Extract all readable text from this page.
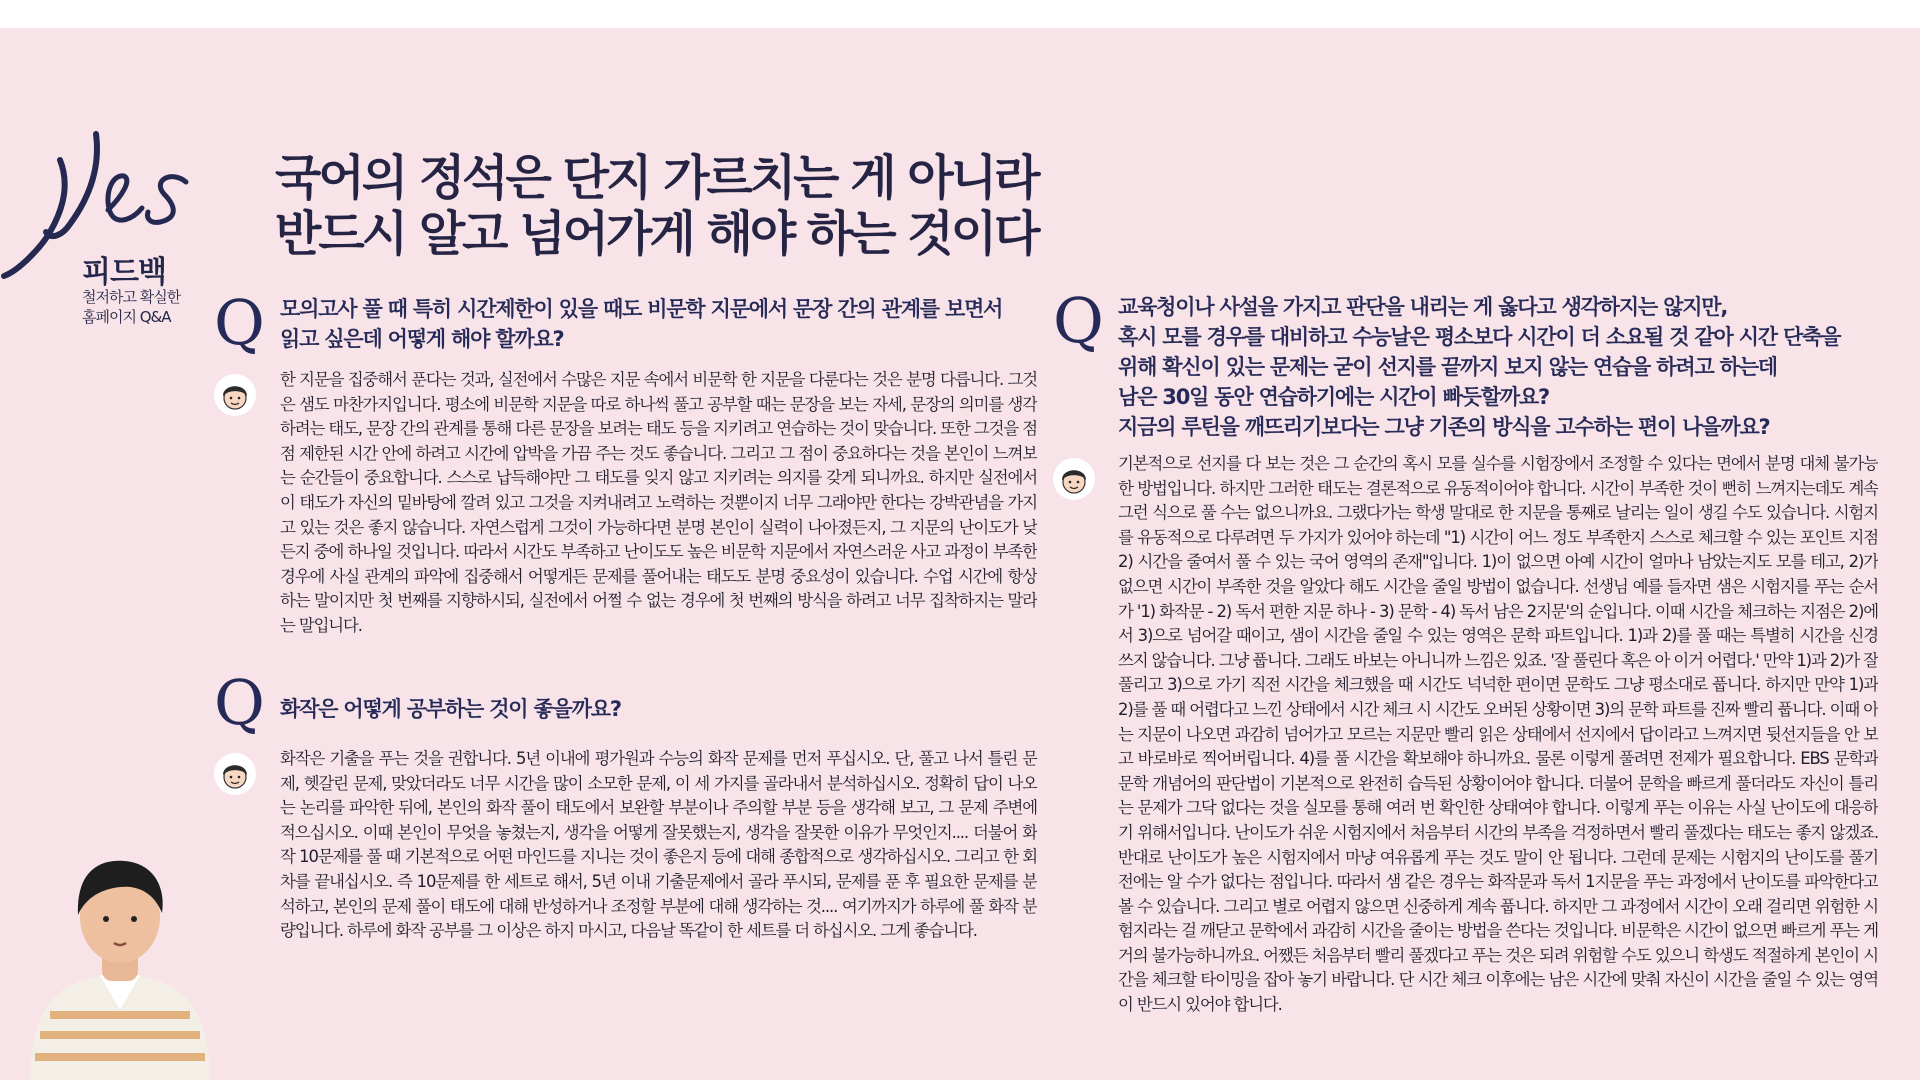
Yes
피드백
철저하고 확실한
홈페이지 Q&A
국어의 정석은 단지 가르치는 게 아니라
반드시 알고 넘어가게 해야 하는 것이다
Q 모의고사 풀 때 특히 시간제한이 있을 때도 비문학 지문에서 문장 간의 관계를 보면서
읽고 싶은데 어떻게 해야 할까요?

한 지문을 집중해서 푼다는 것과, 실전에서 수많은 지문 속에서 비문학 한 지문을 다룬다는 것은 분명 다릅니다. 그것은 샘도 마찬가지입니다. 평소에 비문학 지문을 따로 하나씩 풀고 공부할 때는 문장을 보는 자세, 문장의 의미를 생각하려는 태도, 문장 간의 관계를 통해 다른 문장을 보려는 태도 등을 지키려고 연습하는 것이 맞습니다. 또한 그것을 점점 제한된 시간 안에 하려고 시간에 압박을 가끔 주는 것도 좋습니다. 그리고 그 점이 중요하다는 것을 본인이 느껴보는 순간들이 중요합니다. 스스로 납득해야만 그 태도를 잊지 않고 지키려는 의지를 갖게 되니까요. 하지만 실전에서 이 태도가 자신의 밑바탕에 깔려 있고 그것을 지켜내려고 노력하는 것뿐이지 너무 그래야만 한다는 강박관념을 가지고 있는 것은 좋지 않습니다. 자연스럽게 그것이 가능하다면 분명 본인이 실력이 나아졌든지, 그 지문의 난이도가 낮든지 중에 하나일 것입니다. 따라서 시간도 부족하고 난이도도 높은 비문학 지문에서 자연스러운 사고 과정이 부족한 경우에 사실 관계의 파악에 집중해서 어떻게든 문제를 풀어내는 태도도 분명 중요성이 있습니다. 수업 시간에 항상 하는 말이지만 첫 번째를 지향하시되, 실전에서 어쩔 수 없는 경우에 첫 번째의 방식을 하려고 너무 집착하지는 말라는 말입니다.

Q 화작은 어떻게 공부하는 것이 좋을까요?

화작은 기출을 푸는 것을 권합니다. 5년 이내에 평가원과 수능의 화작 문제를 먼저 푸십시오. 단, 풀고 나서 틀린 문제, 헷갈린 문제, 맞았더라도 너무 시간을 많이 소모한 문제, 이 세 가지를 골라내서 분석하십시오. 정확히 답이 나오는 논리를 파악한 뒤에, 본인의 화작 풀이 태도에서 보완할 부분이나 주의할 부분 등을 생각해 보고, 그 문제 주변에 적으십시오. 이때 본인이 무엇을 놓쳤는지, 생각을 어떻게 잘못했는지, 생각을 잘못한 이유가 무엇인지.... 더불어 화작 10문제를 풀 때 기본적으로 어떤 마인드를 지니는 것이 좋은지 등에 대해 종합적으로 생각하십시오. 그리고 한 회차를 끝내십시오. 즉 10문제를 한 세트로 해서, 5년 이내 기출문제에서 골라 푸시되, 문제를 푼 후 필요한 문제를 분석하고, 본인의 문제 풀이 태도에 대해 반성하거나 조정할 부분에 대해 생각하는 것.... 여기까지가 하루에 풀 화작 분량입니다. 하루에 화작 공부를 그 이상은 하지 마시고, 다음날 똑같이 한 세트를 더 하십시오. 그게 좋습니다.

Q 교육청이나 사설을 가지고 판단을 내리는 게 옳다고 생각하지는 않지만,
혹시 모를 경우를 대비하고 수능날은 평소보다 시간이 더 소요될 것 같아 시간 단축을
위해 확신이 있는 문제는 굳이 선지를 끝까지 보지 않는 연습을 하려고 하는데
남은 30일 동안 연습하기에는 시간이 빠듯할까요?
지금의 루틴을 깨뜨리기보다는 그냥 기존의 방식을 고수하는 편이 나을까요?

기본적으로 선지를 다 보는 것은 그 순간의 혹시 모를 실수를 시험장에서 조정할 수 있다는 면에서 분명 대체 불가능한 방법입니다. 하지만 그러한 태도는 결론적으로 유동적이어야 합니다. 시간이 부족한 것이 뻔히 느껴지는데도 계속 그런 식으로 풀 수는 없으니까요. 그랬다가는 학생 말대로 한 지문을 통째로 날리는 일이 생길 수도 있습니다. 시험지를 유동적으로 다루려면 두 가지가 있어야 하는데 "1) 시간이 어느 정도 부족한지 스스로 체크할 수 있는 포인트 지점 2) 시간을 줄여서 풀 수 있는 국어 영역의 존재"입니다. 1)이 없으면 아예 시간이 얼마나 남았는지도 모를 테고, 2)가 없으면 시간이 부족한 것을 알았다 해도 시간을 줄일 방법이 없습니다. 선생님 예를 들자면 샘은 시험지를 푸는 순서가 '1) 화작문 - 2) 독서 편한 지문 하나 - 3) 문학 - 4) 독서 남은 2지문'의 순입니다. 이때 시간을 체크하는 지점은 2)에서 3)으로 넘어갈 때이고, 샘이 시간을 줄일 수 있는 영역은 문학 파트입니다. 1)과 2)를 풀 때는 특별히 시간을 신경 쓰지 않습니다. 그냥 풉니다. 그래도 바보는 아니니까 느낌은 있죠. '잘 풀린다 혹은 아 이거 어렵다.' 만약 1)과 2)가 잘 풀리고 3)으로 가기 직전 시간을 체크했을 때 시간도 넉넉한 편이면 문학도 그냥 평소대로 풉니다. 하지만 만약 1)과 2)를 풀 때 어렵다고 느낀 상태에서 시간 체크 시 시간도 오버된 상황이면 3)의 문학 파트를 진짜 빨리 풉니다. 이때 아는 지문이 나오면 과감히 넘어가고 모르는 지문만 빨리 읽은 상태에서 선지에서 답이라고 느껴지면 뒷선지들을 안 보고 바로바로 찍어버립니다. 4)를 풀 시간을 확보해야 하니까요. 물론 이렇게 풀려면 전제가 필요합니다. EBS 문학과 문학 개념어의 판단법이 기본적으로 완전히 습득된 상황이어야 합니다. 더불어 문학을 빠르게 풀더라도 자신이 틀리는 문제가 그닥 없다는 것을 실모를 통해 여러 번 확인한 상태여야 합니다. 이렇게 푸는 이유는 사실 난이도에 대응하기 위해서입니다. 난이도가 쉬운 시험지에서 처음부터 시간의 부족을 걱정하면서 빨리 풀겠다는 태도는 좋지 않겠죠. 반대로 난이도가 높은 시험지에서 마냥 여유롭게 푸는 것도 말이 안 됩니다. 그런데 문제는 시험지의 난이도를 풀기 전에는 알 수가 없다는 점입니다. 따라서 샘 같은 경우는 화작문과 독서 1지문을 푸는 과정에서 난이도를 파악한다고 볼 수 있습니다. 그리고 별로 어렵지 않으면 신중하게 계속 풉니다. 하지만 그 과정에서 시간이 오래 걸리면 위험한 시험지라는 걸 깨닫고 문학에서 과감히 시간을 줄이는 방법을 쓴다는 것입니다. 비문학은 시간이 없으면 빠르게 푸는 게 거의 불가능하니까요. 어쨌든 처음부터 빨리 풀겠다고 푸는 것은 되려 위험할 수도 있으니 학생도 적절하게 본인이 시간을 체크할 타이밍을 잡아 놓기 바랍니다. 단 시간 체크 이후에는 남은 시간에 맞춰 자신이 시간을 줄일 수 있는 영역이 반드시 있어야 합니다.
